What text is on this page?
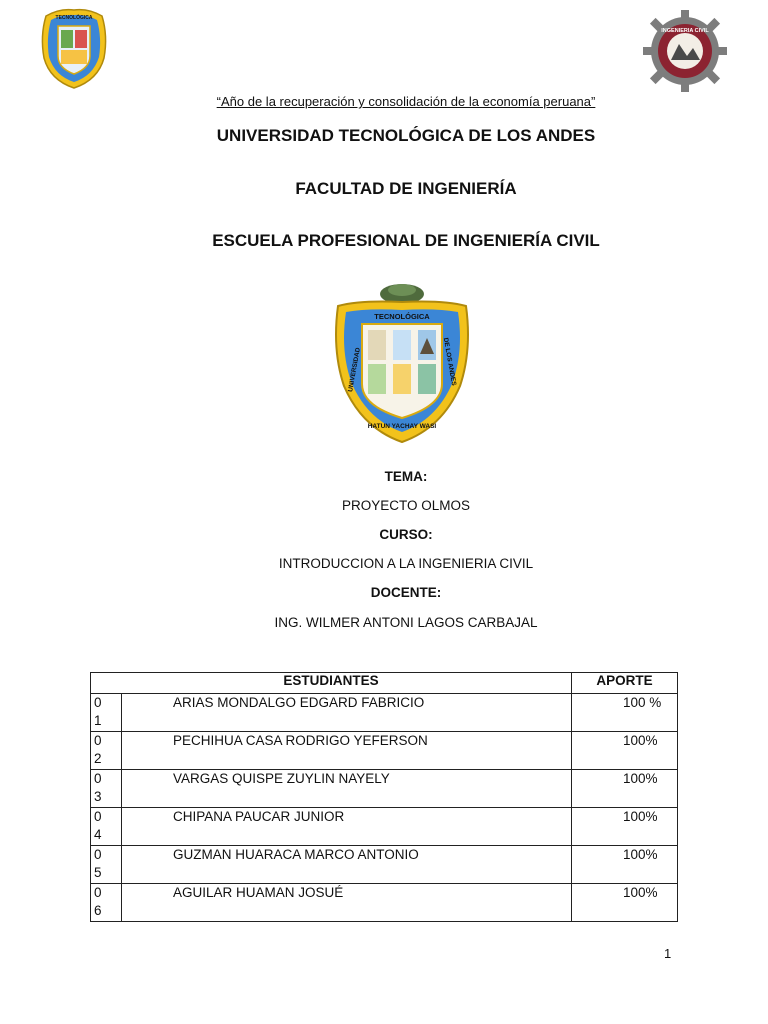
TECNOLÓGICA
INGENIERIA CIVIL
“Año de la recuperación y consolidación de la economía peruana”
UNIVERSIDAD TECNOLÓGICA DE LOS ANDES
FACULTAD DE INGENIERÍA
ESCUELA PROFESIONAL DE INGENIERÍA CIVIL
TECNOLÓGICA
UNIVERSIDAD	DE LOS ANDES
HATUN YACHAY WASI
TEMA:
PROYECTO OLMOS
CURSO:
INTRODUCCION A LA INGENIERIA CIVIL
DOCENTE:
ING. WILMER ANTONI LAGOS CARBAJAL
ESTUDIANTES		APORTE

0
1	ARIAS MONDALGO EDGARD FABRICIO	100 %

0
2	PECHIHUA CASA RODRIGO YEFERSON	100%

0
3	VARGAS QUISPE ZUYLIN NAYELY	100%

0
4	CHIPANA PAUCAR JUNIOR	100%

0
5	GUZMAN HUARACA MARCO ANTONIO	100%

0
6	AGUILAR HUAMAN JOSUÉ	100%
1
